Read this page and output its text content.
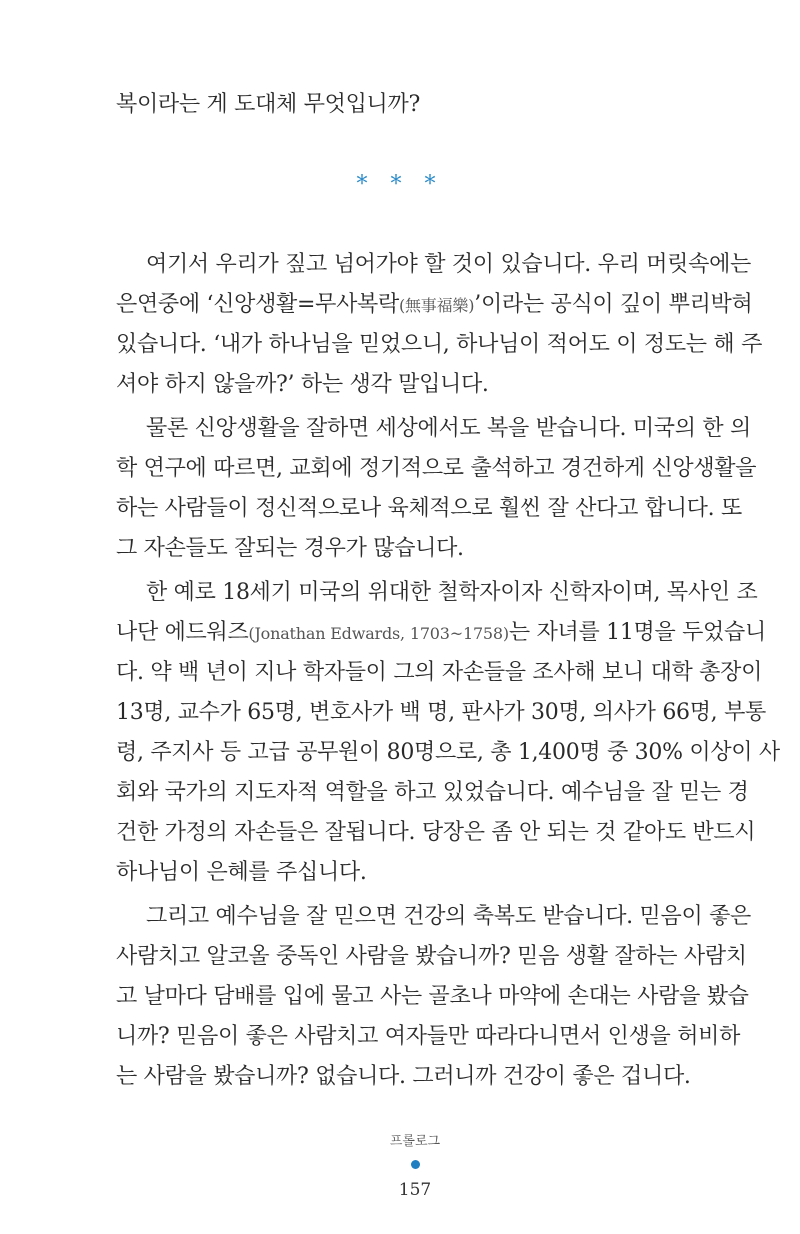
복이라는 게 도대체 무엇입니까?
* * *
여기서 우리가 짚고 넘어가야 할 것이 있습니다. 우리 머릿속에는
은연중에 ‘신앙생활=무사복락(無事福樂)’이라는 공식이 깊이 뿌리박혀
있습니다. ‘내가 하나님을 믿었으니, 하나님이 적어도 이 정도는 해 주
셔야 하지 않을까?’ 하는 생각 말입니다.
물론 신앙생활을 잘하면 세상에서도 복을 받습니다. 미국의 한 의
학 연구에 따르면, 교회에 정기적으로 출석하고 경건하게 신앙생활을
하는 사람들이 정신적으로나 육체적으로 훨씬 잘 산다고 합니다. 또
그 자손들도 잘되는 경우가 많습니다.
한 예로 18세기 미국의 위대한 철학자이자 신학자이며, 목사인 조
나단 에드워즈(Jonathan Edwards, 1703~1758)는 자녀를 11명을 두었습니
다. 약 백 년이 지나 학자들이 그의 자손들을 조사해 보니 대학 총장이
13명, 교수가 65명, 변호사가 백 명, 판사가 30명, 의사가 66명, 부통
령, 주지사 등 고급 공무원이 80명으로, 총 1,400명 중 30% 이상이 사
회와 국가의 지도자적 역할을 하고 있었습니다. 예수님을 잘 믿는 경
건한 가정의 자손들은 잘됩니다. 당장은 좀 안 되는 것 같아도 반드시
하나님이 은혜를 주십니다.
그리고 예수님을 잘 믿으면 건강의 축복도 받습니다. 믿음이 좋은
사람치고 알코올 중독인 사람을 봤습니까? 믿음 생활 잘하는 사람치
고 날마다 담배를 입에 물고 사는 골초나 마약에 손대는 사람을 봤습
니까? 믿음이 좋은 사람치고 여자들만 따라다니면서 인생을 허비하
는 사람을 봤습니까? 없습니다. 그러니까 건강이 좋은 겁니다.
프롤로그
157
